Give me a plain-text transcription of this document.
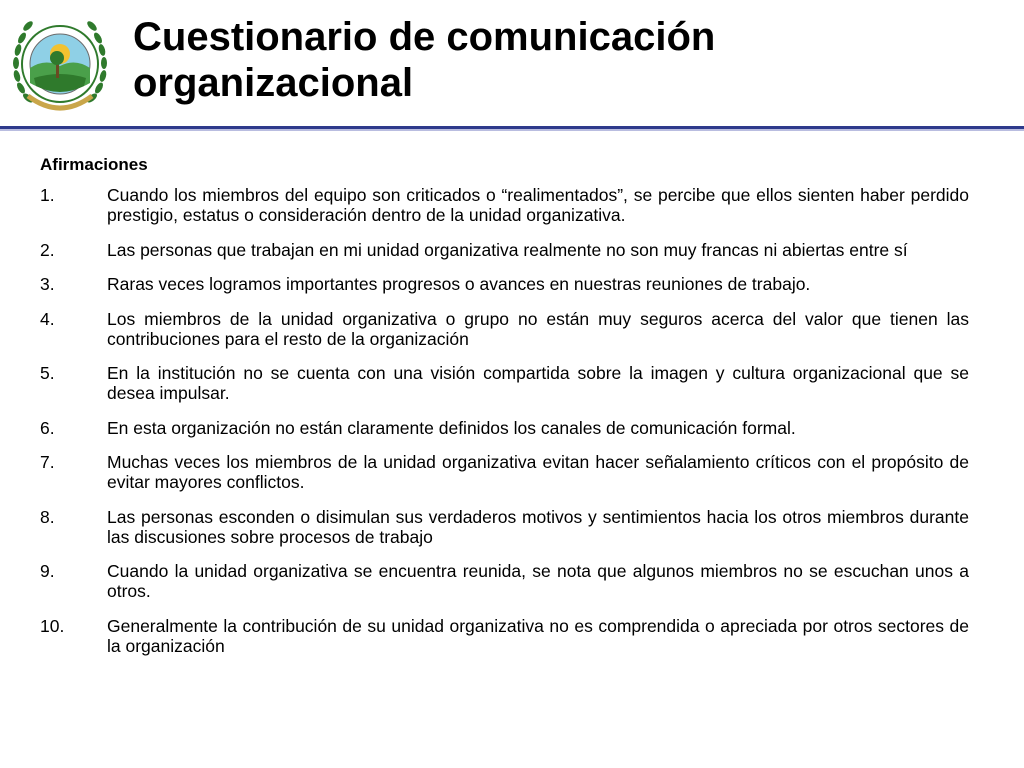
Cuestionario de comunicación
organizacional
Afirmaciones
1.	Cuando los miembros del equipo son criticados o “realimentados”, se percibe que ellos sienten haber perdido prestigio, estatus o consideración dentro de la unidad organizativa.
2.	Las personas que trabajan en mi unidad organizativa realmente no son muy francas ni abiertas entre sí
3.	Raras veces logramos importantes progresos o avances en nuestras reuniones de trabajo.
4.	Los miembros de la unidad organizativa o grupo no están muy seguros acerca del valor que tienen las contribuciones para el resto de la organización
5.	En la institución no se cuenta con una visión compartida sobre la imagen y cultura organizacional que se desea impulsar.
6.	En esta organización no están claramente definidos los canales de comunicación formal.
7.	Muchas veces los miembros de la unidad organizativa evitan hacer señalamiento críticos con el propósito de evitar mayores conflictos.
8.	Las personas esconden o disimulan sus verdaderos motivos y sentimientos hacia los otros miembros durante las discusiones sobre procesos de trabajo
9.	Cuando la unidad organizativa se encuentra reunida, se nota que algunos miembros no se escuchan unos a otros.
10.	Generalmente la contribución de su unidad organizativa no es comprendida o apreciada por otros sectores de la organización
